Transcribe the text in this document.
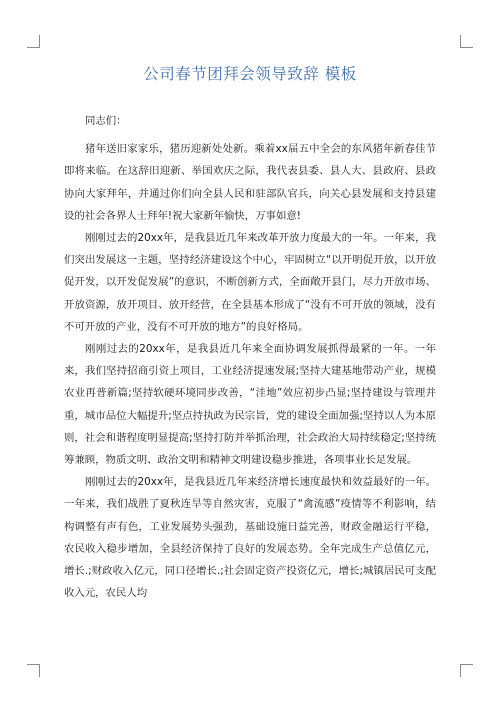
公司春节团拜会领导致辞 模板

同志们：

猪年送旧家家乐，猪历迎新处处新。乘着xx届五中全会的东风猪年新春佳节即将来临。在这辞旧迎新、举国欢庆之际，我代表县委、县人大、县政府、县政协向大家拜年，并通过你们向全县人民和驻部队官兵，向关心县发展和支持县建设的社会各界人士拜年!祝大家新年愉快，万事如意!

刚刚过去的20xx年，是我县近几年来改革开放力度最大的一年。一年来，我们突出发展这一主题，坚持经济建设这个中心，牢固树立“以开明促开放，以开放促开发，以开发促发展”的意识，不断创新方式，全面敞开县门，尽力开放市场、开放资源，放开项目、放开经营，在全县基本形成了“没有不可开放的领域，没有不可开放的产业，没有不可开放的地方”的良好格局。

刚刚过去的20xx年，是我县近几年来全面协调发展抓得最紧的一年。一年来，我们坚持招商引资上项目，工业经济提速发展;坚持大建基地带动产业，规模农业再普新篇;坚持软硬环境同步改善，“洼地”效应初步凸显;坚持建设与管理并重，城市品位大幅提升;坚点持执政为民宗旨，党的建设全面加强;坚持以人为本原则，社会和谐程度明显提高;坚持打防并举抓治理，社会政治大局持续稳定;坚持统筹兼顾，物质文明、政治文明和精神文明建设稳步推进，各项事业长足发展。

刚刚过去的20xx年，是我县近几年来经济增长速度最快和效益最好的一年。一年来，我们战胜了夏秋连旱等自然灾害，克服了“禽流感”疫情等不利影响，结构调整有声有色，工业发展势头强劲，基础设施日益完善，财政金融运行平稳，农民收入稳步增加，全县经济保持了良好的发展态势。全年完成生产总值亿元，增长.;财政收入亿元，同口径增长.;社会固定资产投资亿元，增长;城镇居民可支配收入元，农民人均
